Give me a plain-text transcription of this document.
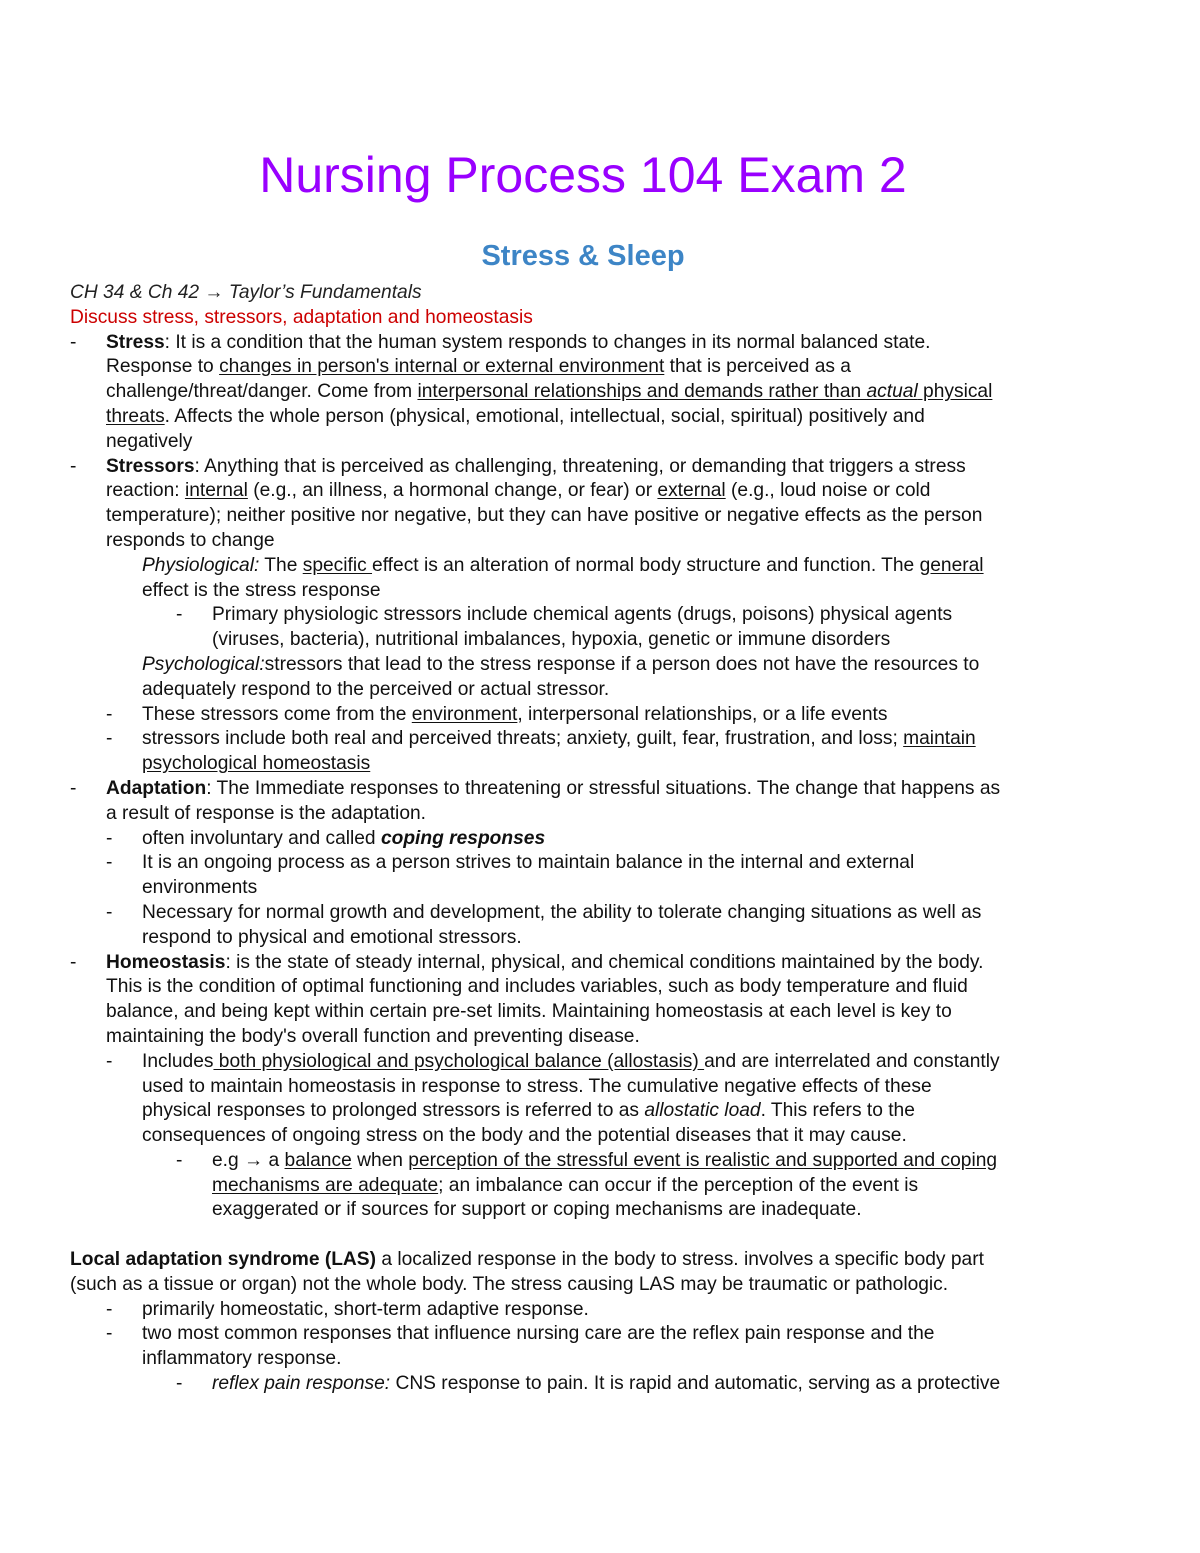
Nursing Process 104 Exam 2
Stress & Sleep
CH 34 & Ch 42 → Taylor’s Fundamentals
Discuss stress, stressors, adaptation and homeostasis
- Stress: It is a condition that the human system responds to changes in its normal balanced state.
Response to changes in person's internal or external environment that is perceived as a
challenge/threat/danger. Come from interpersonal relationships and demands rather than actual physical
threats. Affects the whole person (physical, emotional, intellectual, social, spiritual) positively and
negatively
- Stressors: Anything that is perceived as challenging, threatening, or demanding that triggers a stress
reaction: internal (e.g., an illness, a hormonal change, or fear) or external (e.g., loud noise or cold
temperature); neither positive nor negative, but they can have positive or negative effects as the person
responds to change
Physiological: The specific effect is an alteration of normal body structure and function. The general
effect is the stress response
- Primary physiologic stressors include chemical agents (drugs, poisons) physical agents
(viruses, bacteria), nutritional imbalances, hypoxia, genetic or immune disorders
Psychological:stressors that lead to the stress response if a person does not have the resources to
adequately respond to the perceived or actual stressor.
- These stressors come from the environment, interpersonal relationships, or a life events
- stressors include both real and perceived threats; anxiety, guilt, fear, frustration, and loss; maintain
psychological homeostasis
- Adaptation: The Immediate responses to threatening or stressful situations. The change that happens as
a result of response is the adaptation.
- often involuntary and called coping responses
- It is an ongoing process as a person strives to maintain balance in the internal and external
environments
- Necessary for normal growth and development, the ability to tolerate changing situations as well as
respond to physical and emotional stressors.
- Homeostasis: is the state of steady internal, physical, and chemical conditions maintained by the body.
This is the condition of optimal functioning and includes variables, such as body temperature and fluid
balance, and being kept within certain pre-set limits. Maintaining homeostasis at each level is key to
maintaining the body's overall function and preventing disease.
- Includes both physiological and psychological balance (allostasis) and are interrelated and constantly
used to maintain homeostasis in response to stress. The cumulative negative effects of these
physical responses to prolonged stressors is referred to as allostatic load. This refers to the
consequences of ongoing stress on the body and the potential diseases that it may cause.
- e.g → a balance when perception of the stressful event is realistic and supported and coping
mechanisms are adequate; an imbalance can occur if the perception of the event is
exaggerated or if sources for support or coping mechanisms are inadequate.
Local adaptation syndrome (LAS) a localized response in the body to stress. involves a specific body part
(such as a tissue or organ) not the whole body. The stress causing LAS may be traumatic or pathologic.
- primarily homeostatic, short-term adaptive response.
- two most common responses that influence nursing care are the reflex pain response and the
inflammatory response.
- reflex pain response: CNS response to pain. It is rapid and automatic, serving as a protective
